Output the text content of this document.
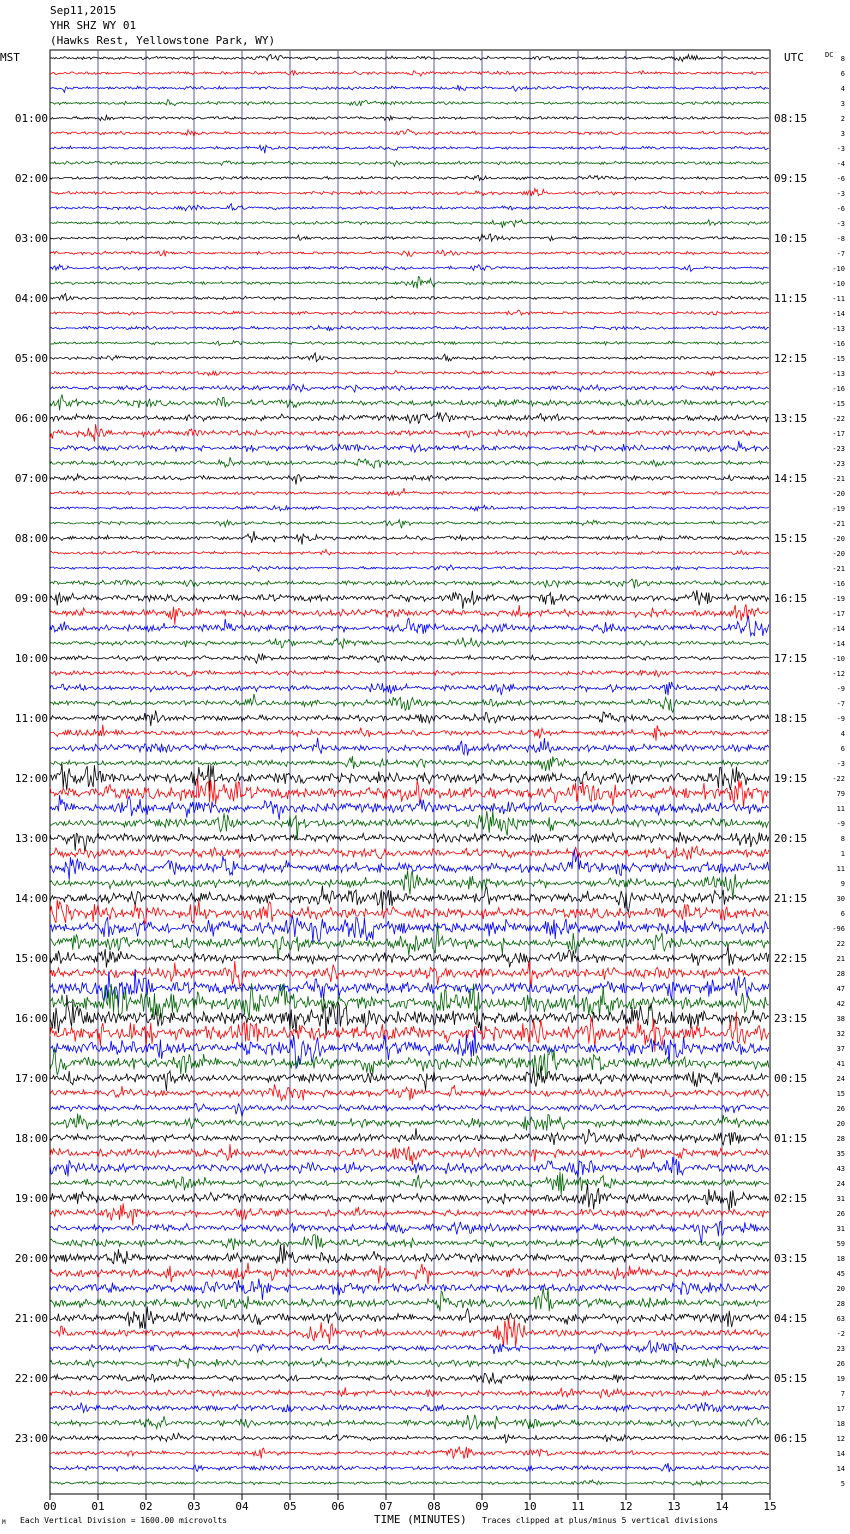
Sep11,2015
YHR SHZ WY 01
(Hawks Rest, Yellowstone Park, WY)
00	01	02	03	04	05	06	07	08	09	10	11	12	13	14	15
8
6
4
3
2
3
-3
-4
-6
-3
-6
-3
-8
-7
-10
-10
-11
-14
-13
-16
-15
-13
-16
-15
-22
-17
-23
-23
-21
-20
-19
-21
-20
-20
-21
-16
-19
-17
-14
-14
-10
-12
-9
-7
-9
4
6
-3
-22
79
11
-9
8
1
11
9
30
6
-96
22
21
28
47
42
38
32
37
41
24
15
26
20
28
35
43
24
31
26
31
59
18
45
20
28
63
-2
23
26
19
7
17
18
12
14
14
5
01:00
02:00
03:00
04:00
05:00
06:00
07:00
08:00
09:00
10:00
11:00
12:00
13:00
14:00
15:00
16:00
17:00
18:00
19:00
20:00
21:00
22:00
23:00
08:15
09:15
10:15
11:15
12:15
13:15
14:15
15:15
16:15
17:15
18:15
19:15
20:15
21:15
22:15
23:15
00:15
01:15
02:15
03:15
04:15
05:15
06:15
MST	UTC	DC
TIME (MINUTES)
Each Vertical Division = 1600.00 microvolts	Traces clipped at plus/minus 5 vertical divisions
M
